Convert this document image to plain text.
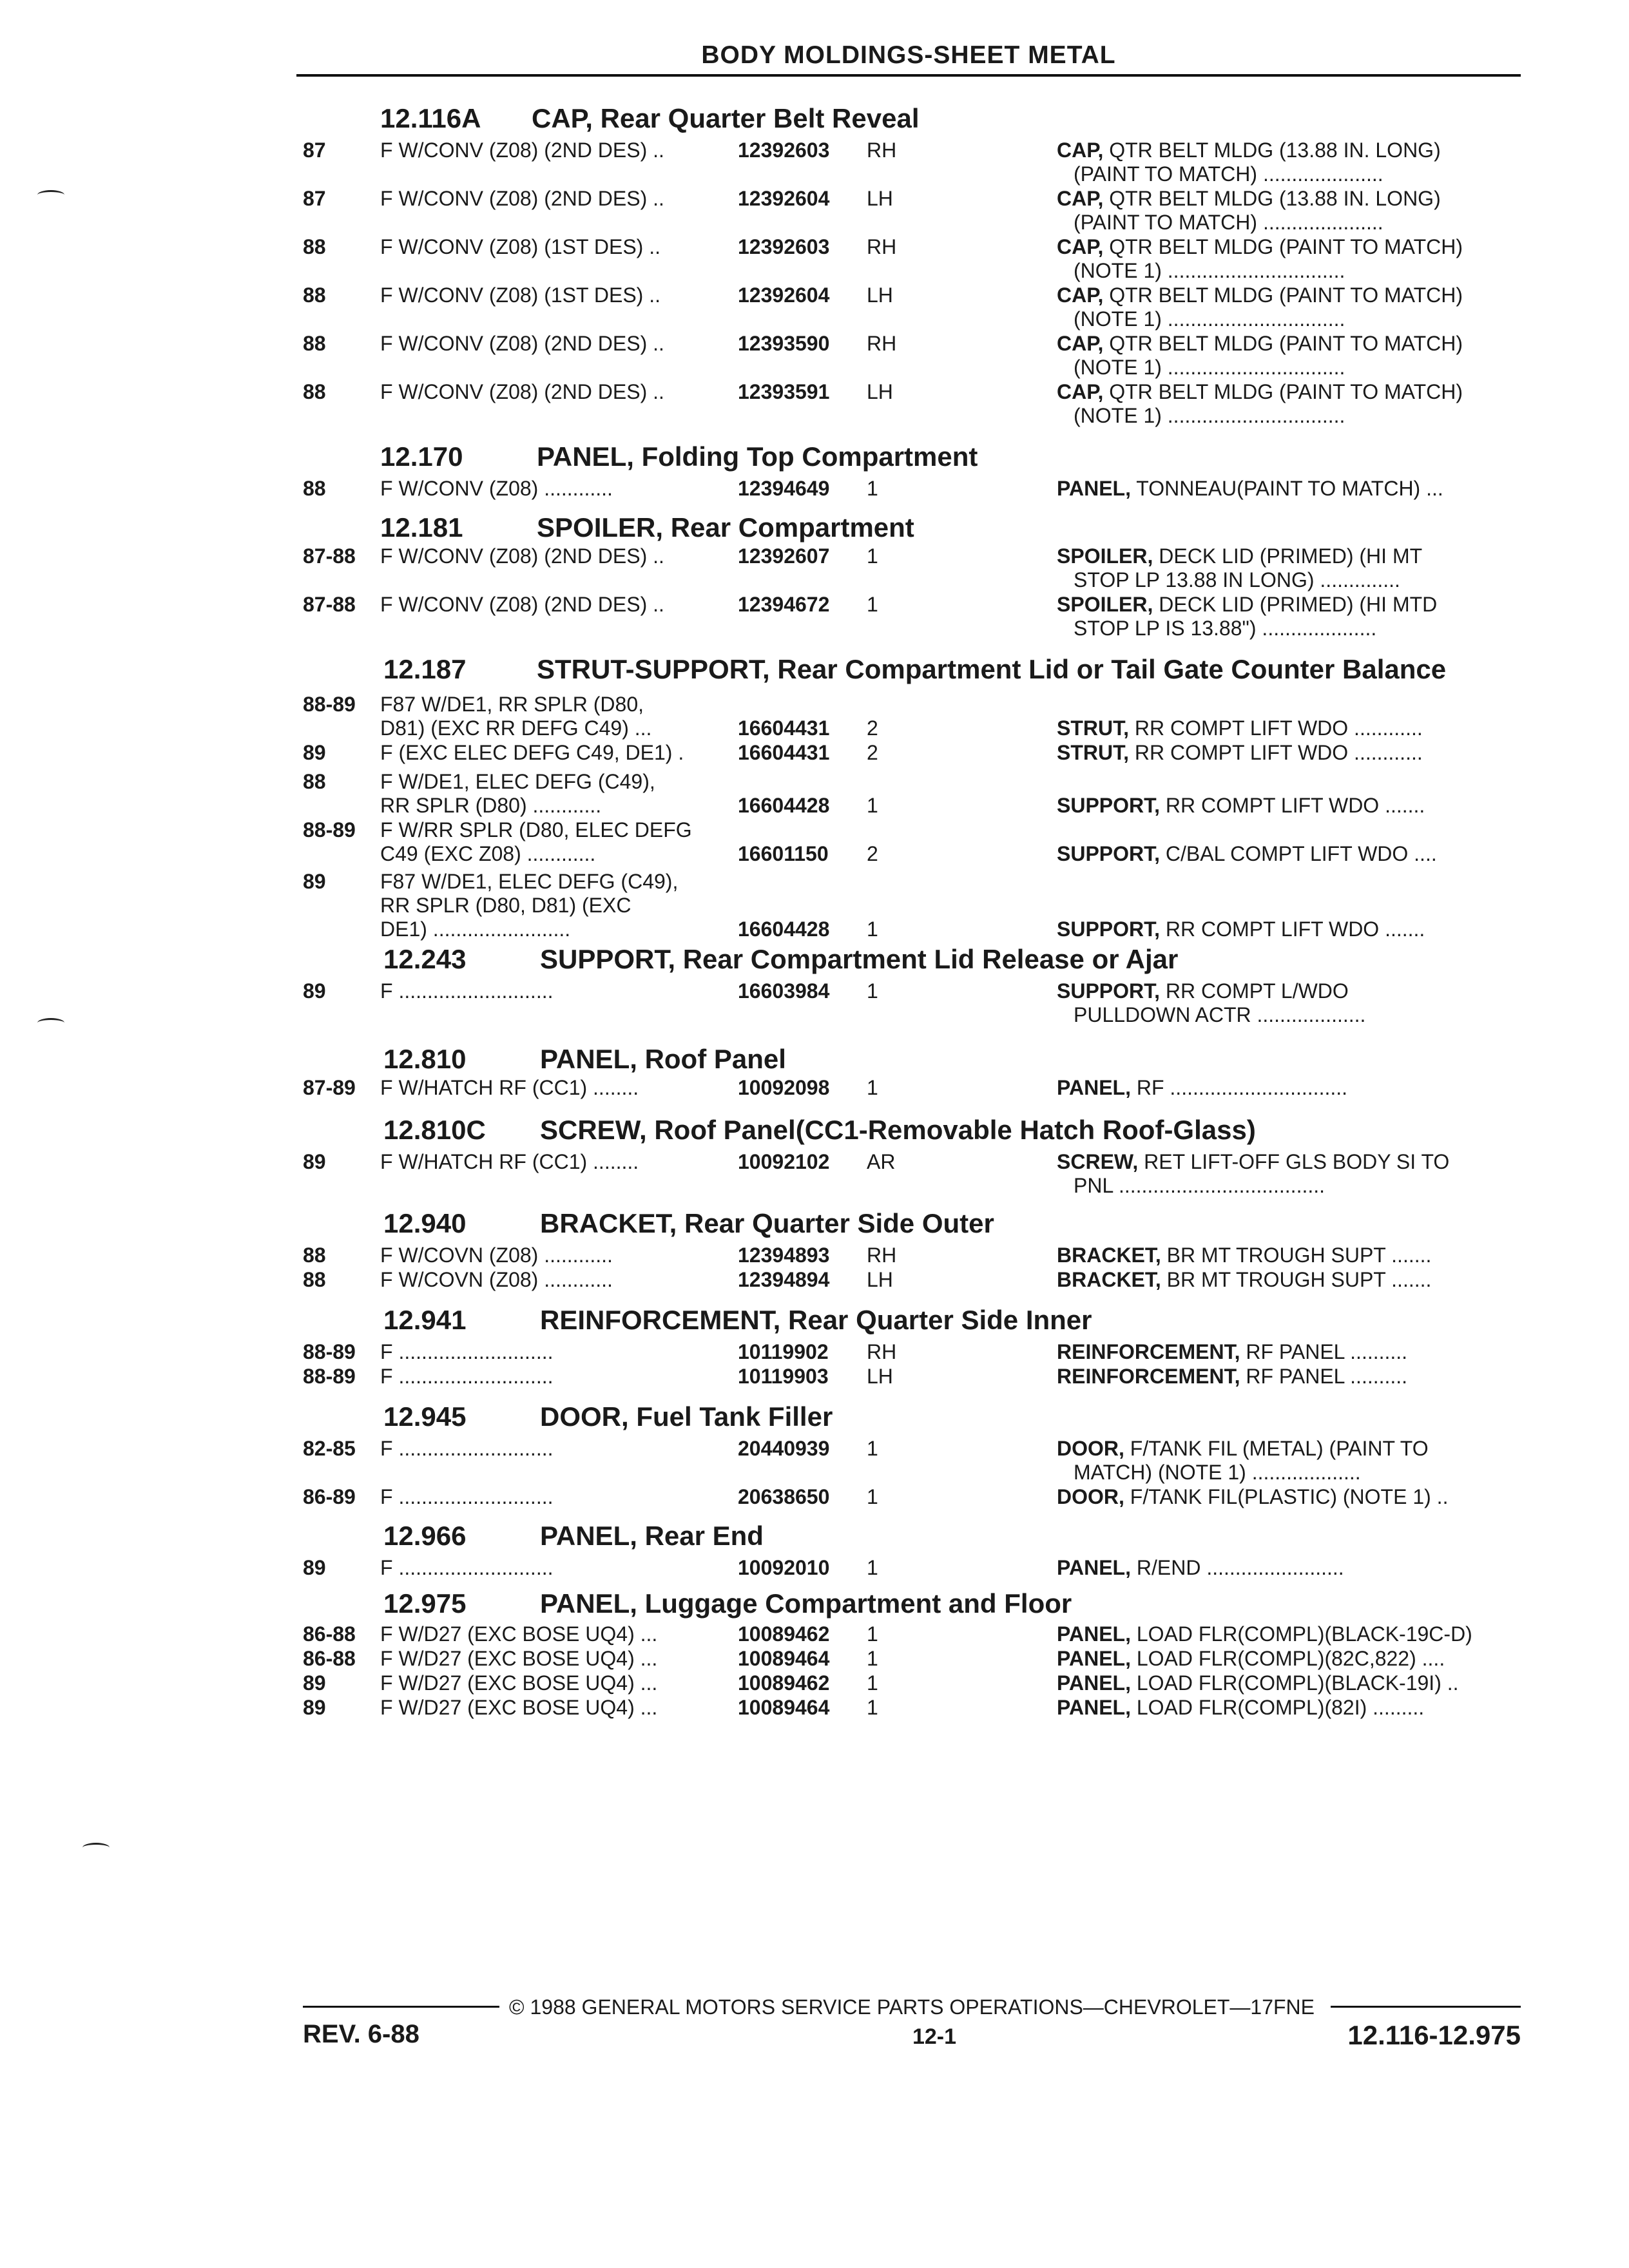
BODY MOLDINGS-SHEET METAL
12.116A CAP, Rear Quarter Belt Reveal
87	F W/CONV (Z08) (2ND DES) ..	12392603 RH	CAP, QTR BELT MLDG (13.88 IN. LONG)
(PAINT TO MATCH) .....................
87	F W/CONV (Z08) (2ND DES) ..	12392604 LH	CAP, QTR BELT MLDG (13.88 IN. LONG)
(PAINT TO MATCH) .....................
88	F W/CONV (Z08) (1ST DES) ..	12392603 RH	CAP, QTR BELT MLDG (PAINT TO MATCH)
(NOTE 1) ...............................
88	F W/CONV (Z08) (1ST DES) ..	12392604 LH	CAP, QTR BELT MLDG (PAINT TO MATCH)
(NOTE 1) ...............................
88	F W/CONV (Z08) (2ND DES) ..	12393590 RH	CAP, QTR BELT MLDG (PAINT TO MATCH)
(NOTE 1) ...............................
88	F W/CONV (Z08) (2ND DES) ..	12393591 LH	CAP, QTR BELT MLDG (PAINT TO MATCH)
(NOTE 1) ...............................
12.170	PANEL, Folding Top Compartment
88	F W/CONV (Z08) ............	12394649 1	PANEL, TONNEAU(PAINT TO MATCH) ...
12.181	SPOILER, Rear Compartment
87-88	F W/CONV (Z08) (2ND DES) ..	12392607 1	SPOILER, DECK LID (PRIMED) (HI MT
STOP LP 13.88 IN LONG) ..............
87-88	F W/CONV (Z08) (2ND DES) ..	12394672 1	SPOILER, DECK LID (PRIMED) (HI MTD
STOP LP IS 13.88") ....................
12.187	STRUT-SUPPORT, Rear Compartment Lid or Tail Gate Counter Balance
88-89	F87 W/DE1, RR SPLR (D80,
D81) (EXC RR DEFG C49) ...	16604431 2	STRUT, RR COMPT LIFT WDO ............
89	F (EXC ELEC DEFG C49, DE1) .	16604431 2	STRUT, RR COMPT LIFT WDO ............
88	F W/DE1, ELEC DEFG (C49),
RR SPLR (D80) ............	16604428 1	SUPPORT, RR COMPT LIFT WDO .......
88-89	F W/RR SPLR (D80, ELEC DEFG
C49 (EXC Z08) ............	16601150 2	SUPPORT, C/BAL COMPT LIFT WDO ....
89	F87 W/DE1, ELEC DEFG (C49),
RR SPLR (D80, D81) (EXC
DE1) ........................	16604428 1	SUPPORT, RR COMPT LIFT WDO .......
12.243	SUPPORT, Rear Compartment Lid Release or Ajar
89	F ...........................	16603984 1	SUPPORT, RR COMPT L/WDO
PULLDOWN ACTR ...................
12.810	PANEL, Roof Panel
87-89	F W/HATCH RF (CC1) ........	10092098 1	PANEL, RF ...............................
12.810C SCREW, Roof Panel(CC1-Removable Hatch Roof-Glass)
89	F W/HATCH RF (CC1) ........	10092102 AR	SCREW, RET LIFT-OFF GLS BODY SI TO
PNL ....................................
12.940	BRACKET, Rear Quarter Side Outer
88	F W/COVN (Z08) ............	12394893 RH	BRACKET, BR MT TROUGH SUPT .......
88	F W/COVN (Z08) ............	12394894 LH	BRACKET, BR MT TROUGH SUPT .......
12.941	REINFORCEMENT, Rear Quarter Side Inner
88-89	F ...........................	10119902 RH	REINFORCEMENT, RF PANEL ..........
88-89	F ...........................	10119903 LH	REINFORCEMENT, RF PANEL ..........
12.945	DOOR, Fuel Tank Filler
82-85	F ...........................	20440939 1	DOOR, F/TANK FIL (METAL) (PAINT TO
MATCH) (NOTE 1) ...................
86-89	F ...........................	20638650 1	DOOR, F/TANK FIL(PLASTIC) (NOTE 1) ..
12.966	PANEL, Rear End
89	F ...........................	10092010 1	PANEL, R/END ........................
12.975	PANEL, Luggage Compartment and Floor
86-88	F W/D27 (EXC BOSE UQ4) ...	10089462 1	PANEL, LOAD FLR(COMPL)(BLACK-19C-D)
86-88	F W/D27 (EXC BOSE UQ4) ...	10089464 1	PANEL, LOAD FLR(COMPL)(82C,822) ....
89	F W/D27 (EXC BOSE UQ4) ...	10089462 1	PANEL, LOAD FLR(COMPL)(BLACK-19I) ..
89	F W/D27 (EXC BOSE UQ4) ...	10089464 1	PANEL, LOAD FLR(COMPL)(82I) .........
© 1988 GENERAL MOTORS SERVICE PARTS OPERATIONS—CHEVROLET—17FNE
REV. 6-88	12-1	12.116-12.975
